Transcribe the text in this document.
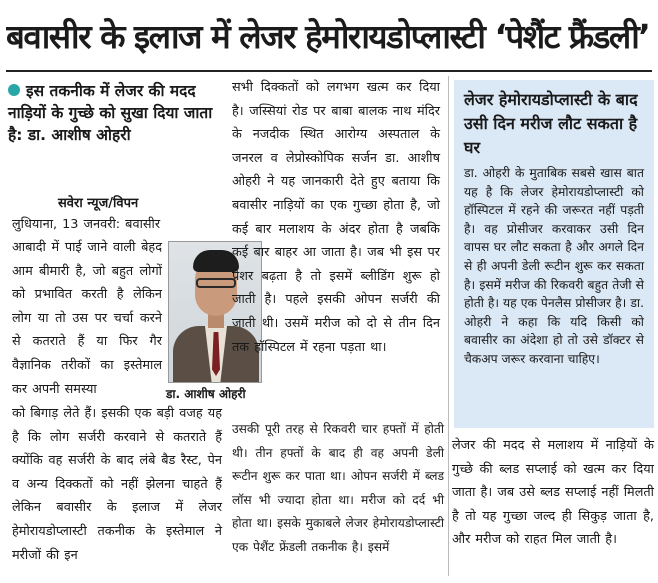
बवासीर के इलाज में लेजर हेमोरायडोप्लास्टी ‘पेशैंट फ्रैंडली’
इस तकनीक में लेजर की मदद नाड़ियों के गुच्छे को सुखा दिया जाता है: डा. आशीष ओहरी
सवेरा न्यूज/विपन
लुधियाना, 13 जनवरी: बवासीर
आबादी में पाई जाने वाली बेहद आम बीमारी है, जो बहुत लोगों को प्रभावित करती है लेकिन लोग या तो उस पर चर्चा करने से कतराते हैं या फिर गैर वैज्ञानिक तरीकों का इस्तेमाल कर अपनी समस्या
को बिगाड़ लेते हैं। इसकी एक बड़ी वजह यह है कि लोग सर्जरी करवाने से कतराते हैं क्योंकि वह सर्जरी के बाद लंबे बैड रैस्ट, पेन व अन्य दिक्कतों को नहीं झेलना चाहते हैं लेकिन बवासीर के इलाज में लेजर हेमोरायडोप्लास्टी तकनीक के इस्तेमाल ने मरीजों की इन
डा. आशीष ओहरी
सभी दिक्कतों को लगभग खत्म कर दिया है। जस्सियां रोड पर बाबा बालक नाथ मंदिर के नजदीक स्थित आरोग्य अस्पताल के जनरल व लेप्रोस्कोपिक सर्जन डा. आशीष ओहरी ने यह जानकारी देते हुए बताया कि बवासीर नाड़ियों का एक गुच्छा होता है, जो कई बार मलाशय के अंदर होता है जबकि कई बार बाहर आ जाता है। जब भी इस पर प्रेशर बढ़ता है तो इसमें ब्लीडिंग शुरू हो जाती है। पहले इसकी ओपन सर्जरी की जाती थी। उसमें मरीज को दो से तीन दिन तक हॉस्पिटल में रहना पड़ता था।
उसकी पूरी तरह से रिकवरी चार हफ्तों में होती थी। तीन हफ्तों के बाद ही वह अपनी डेली रूटीन शुरू कर पाता था। ओपन सर्जरी में ब्लड लॉस भी ज्यादा होता था। मरीज को दर्द भी होता था। इसके मुकाबले लेजर हेमोरायडोप्लास्टी एक पेशैंट फ्रेंडली तकनीक है। इसमें
लेजर हेमोरायडोप्लास्टी के बाद उसी दिन मरीज लौट सकता है घर
डा. ओहरी के मुताबिक सबसे खास बात यह है कि लेजर हेमोरायडोप्लास्टी को हॉस्पिटल में रहने की जरूरत नहीं पड़ती है। वह प्रोसीजर करवाकर उसी दिन वापस घर लौट सकता है और अगले दिन से ही अपनी डेली रूटीन शुरू कर सकता है। इसमें मरीज की रिकवरी बहुत तेजी से होती है। यह एक पेनलैस प्रोसीजर है। डा. ओहरी ने कहा कि यदि किसी को बवासीर का अंदेशा हो तो उसे डॉक्टर से चैकअप जरूर करवाना चाहिए।
लेजर की मदद से मलाशय में नाड़ियों के गुच्छे की ब्लड सप्लाई को खत्म कर दिया जाता है। जब उसे ब्लड सप्लाई नहीं मिलती है तो यह गुच्छा जल्द ही सिकुड़ जाता है, और मरीज को राहत मिल जाती है।
